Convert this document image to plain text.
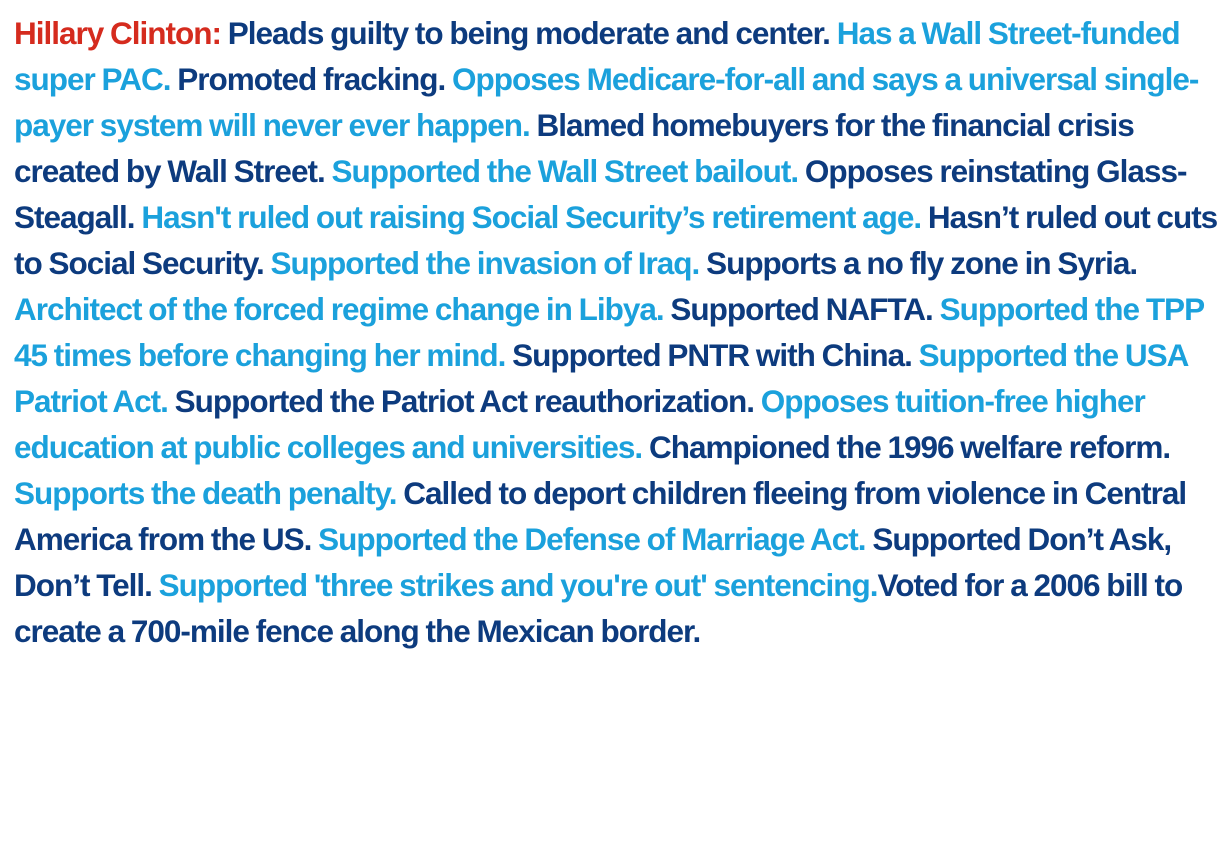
Hillary Clinton: Pleads guilty to being moderate and center. Has a Wall Street-funded super PAC. Promoted fracking. Opposes Medicare-for-all and says a universal single-payer system will never ever happen. Blamed homebuyers for the financial crisis created by Wall Street. Supported the Wall Street bailout. Opposes reinstating Glass-Steagall. Hasn't ruled out raising Social Security’s retirement age. Hasn’t ruled out cuts to Social Security. Supported the invasion of Iraq. Supports a no fly zone in Syria. Architect of the forced regime change in Libya. Supported NAFTA. Supported the TPP 45 times before changing her mind. Supported PNTR with China. Supported the USA Patriot Act. Supported the Patriot Act reauthorization. Opposes tuition-free higher education at public colleges and universities. Championed the 1996 welfare reform. Supports the death penalty. Called to deport children fleeing from violence in Central America from the US. Supported the Defense of Marriage Act. Supported Don’t Ask, Don’t Tell. Supported 'three strikes and you're out' sentencing.Voted for a 2006 bill to create a 700-mile fence along the Mexican border.
